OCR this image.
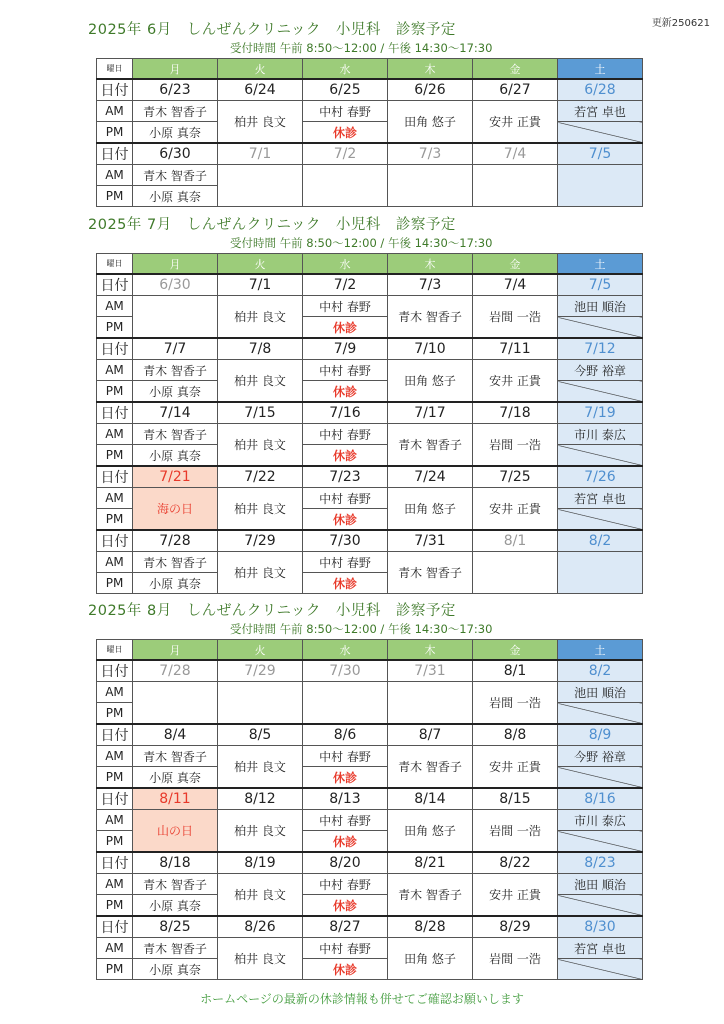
更新250621
2025年 6月　しんぜんクリニック　小児科　診察予定
受付時間 午前 8:50～12:00 / 午後 14:30～17:30
曜日	月	火	水	木	金	土
日付	6/23	6/24	6/25	6/26	6/27	6/28
AM	青木 智香子	柏井 良文	中村 春野	田角 悠子	安井 正貴	若宮 卓也
PM	小原 真奈		休診			
日付	6/30	7/1	7/2	7/3	7/4	7/5
AM	青木 智香子					
PM	小原 真奈					
2025年 7月　しんぜんクリニック　小児科　診察予定
受付時間 午前 8:50～12:00 / 午後 14:30～17:30
曜日	月	火	水	木	金	土
日付	6/30	7/1	7/2	7/3	7/4	7/5
AM		柏井 良文	中村 春野	青木 智香子	岩間 一浩	池田 順治
PM			休診			
日付	7/7	7/8	7/9	7/10	7/11	7/12
AM	青木 智香子	柏井 良文	中村 春野	田角 悠子	安井 正貴	今野 裕章
PM	小原 真奈		休診			
日付	7/14	7/15	7/16	7/17	7/18	7/19
AM	青木 智香子	柏井 良文	中村 春野	青木 智香子	岩間 一浩	市川 泰広
PM	小原 真奈		休診			
日付	7/21	7/22	7/23	7/24	7/25	7/26
AM	海の日	柏井 良文	中村 春野	田角 悠子	安井 正貴	若宮 卓也
PM			休診			
日付	7/28	7/29	7/30	7/31	8/1	8/2
AM	青木 智香子	柏井 良文	中村 春野	青木 智香子		
PM	小原 真奈		休診			
2025年 8月　しんぜんクリニック　小児科　診察予定
受付時間 午前 8:50～12:00 / 午後 14:30～17:30
曜日	月	火	水	木	金	土
日付	7/28	7/29	7/30	7/31	8/1	8/2
AM					岩間 一浩	池田 順治
PM						
日付	8/4	8/5	8/6	8/7	8/8	8/9
AM	青木 智香子	柏井 良文	中村 春野	青木 智香子	安井 正貴	今野 裕章
PM	小原 真奈		休診			
日付	8/11	8/12	8/13	8/14	8/15	8/16
AM	山の日	柏井 良文	中村 春野	田角 悠子	岩間 一浩	市川 泰広
PM			休診			
日付	8/18	8/19	8/20	8/21	8/22	8/23
AM	青木 智香子	柏井 良文	中村 春野	青木 智香子	安井 正貴	池田 順治
PM	小原 真奈		休診			
日付	8/25	8/26	8/27	8/28	8/29	8/30
AM	青木 智香子	柏井 良文	中村 春野	田角 悠子	岩間 一浩	若宮 卓也
PM	小原 真奈		休診			
ホームページの最新の休診情報も併せてご確認お願いします
